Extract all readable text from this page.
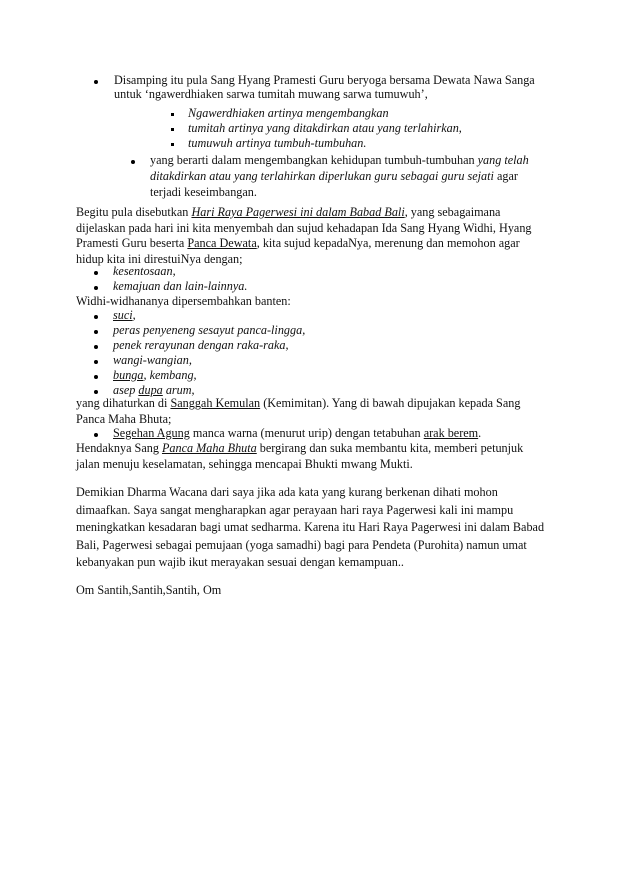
Disamping itu pula Sang Hyang Pramesti Guru beryoga bersama Dewata Nawa Sanga
untuk ‘ngawerdhiaken sarwa tumitah muwang sarwa tumuwuh’,
Ngawerdhiaken artinya mengembangkan
tumitah artinya yang ditakdirkan atau yang terlahirkan,
tumuwuh artinya tumbuh-tumbuhan.
yang berarti dalam mengembangkan kehidupan tumbuh-tumbuhan yang telah
ditakdirkan atau yang terlahirkan diperlukan guru sebagai guru sejati agar
terjadi keseimbangan.
Begitu pula disebutkan Hari Raya Pagerwesi ini dalam Babad Bali, yang sebagaimana
dijelaskan pada hari ini kita menyembah dan sujud kehadapan Ida Sang Hyang Widhi, Hyang
Pramesti Guru beserta Panca Dewata, kita sujud kepadaNya, merenung dan memohon agar
hidup kita ini direstuiNya dengan;
kesentosaan,
kemajuan dan lain-lainnya.
Widhi-widhananya dipersembahkan banten:
suci,
peras penyeneng sesayut panca-lingga,
penek rerayunan dengan raka-raka,
wangi-wangian,
bunga, kembang,
asep dupa arum,
yang dihaturkan di Sanggah Kemulan (Kemimitan). Yang di bawah dipujakan kepada Sang
Panca Maha Bhuta;
Segehan Agung manca warna (menurut urip) dengan tetabuhan arak berem.
Hendaknya Sang Panca Maha Bhuta bergirang dan suka membantu kita, memberi petunjuk
jalan menuju keselamatan, sehingga mencapai Bhukti mwang Mukti.
Demikian Dharma Wacana dari saya jika ada kata yang kurang berkenan dihati mohon
dimaafkan. Saya sangat mengharapkan agar perayaan hari raya Pagerwesi kali ini mampu
meningkatkan kesadaran bagi umat sedharma. Karena itu Hari Raya Pagerwesi ini dalam Babad
Bali, Pagerwesi sebagai pemujaan (yoga samadhi) bagi para Pendeta (Purohita) namun umat
kebanyakan pun wajib ikut merayakan sesuai dengan kemampuan..
Om Santih,Santih,Santih, Om
